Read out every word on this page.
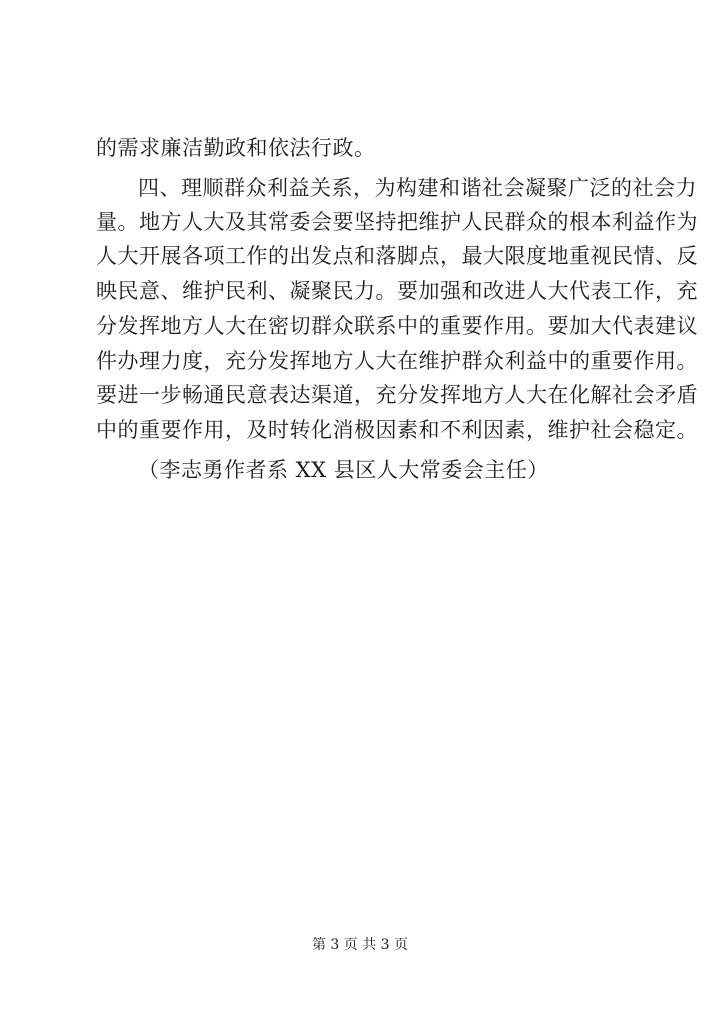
的需求廉洁勤政和依法行政。
四、理顺群众利益关系，为构建和谐社会凝聚广泛的社会力
量。地方人大及其常委会要坚持把维护人民群众的根本利益作为
人大开展各项工作的出发点和落脚点，最大限度地重视民情、反
映民意、维护民利、凝聚民力。要加强和改进人大代表工作，充
分发挥地方人大在密切群众联系中的重要作用。要加大代表建议
件办理力度，充分发挥地方人大在维护群众利益中的重要作用。
要进一步畅通民意表达渠道，充分发挥地方人大在化解社会矛盾
中的重要作用，及时转化消极因素和不利因素，维护社会稳定。
（李志勇作者系 XX 县区人大常委会主任）
第 3 页 共 3 页
